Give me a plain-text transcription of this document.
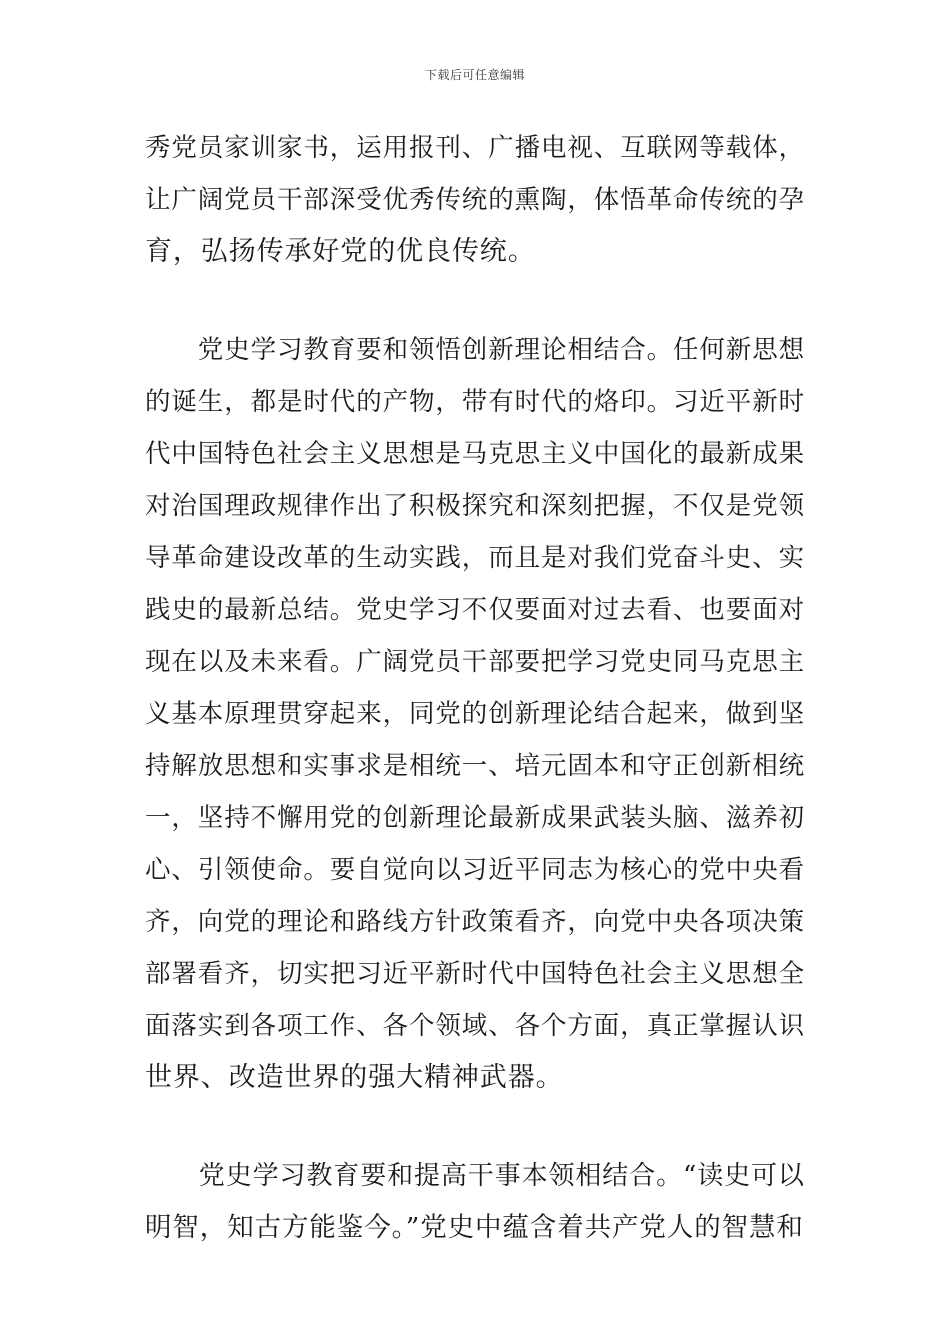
下载后可任意编辑
秀党员家训家书，运用报刊、广播电视、互联网等载体，
让广阔党员干部深受优秀传统的熏陶，体悟革命传统的孕
育，弘扬传承好党的优良传统。
　　党史学习教育要和领悟创新理论相结合。任何新思想
的诞生，都是时代的产物，带有时代的烙印。习近平新时
代中国特色社会主义思想是马克思主义中国化的最新成果
对治国理政规律作出了积极探究和深刻把握，不仅是党领
导革命建设改革的生动实践，而且是对我们党奋斗史、实
践史的最新总结。党史学习不仅要面对过去看、也要面对
现在以及未来看。广阔党员干部要把学习党史同马克思主
义基本原理贯穿起来，同党的创新理论结合起来，做到坚
持解放思想和实事求是相统一、培元固本和守正创新相统
一，坚持不懈用党的创新理论最新成果武装头脑、滋养初
心、引领使命。要自觉向以习近平同志为核心的党中央看
齐，向党的理论和路线方针政策看齐，向党中央各项决策
部署看齐，切实把习近平新时代中国特色社会主义思想全
面落实到各项工作、各个领域、各个方面，真正掌握认识
世界、改造世界的强大精神武器。
　　党史学习教育要和提高干事本领相结合。“读史可以
明智，知古方能鉴今。”党史中蕴含着共产党人的智慧和
